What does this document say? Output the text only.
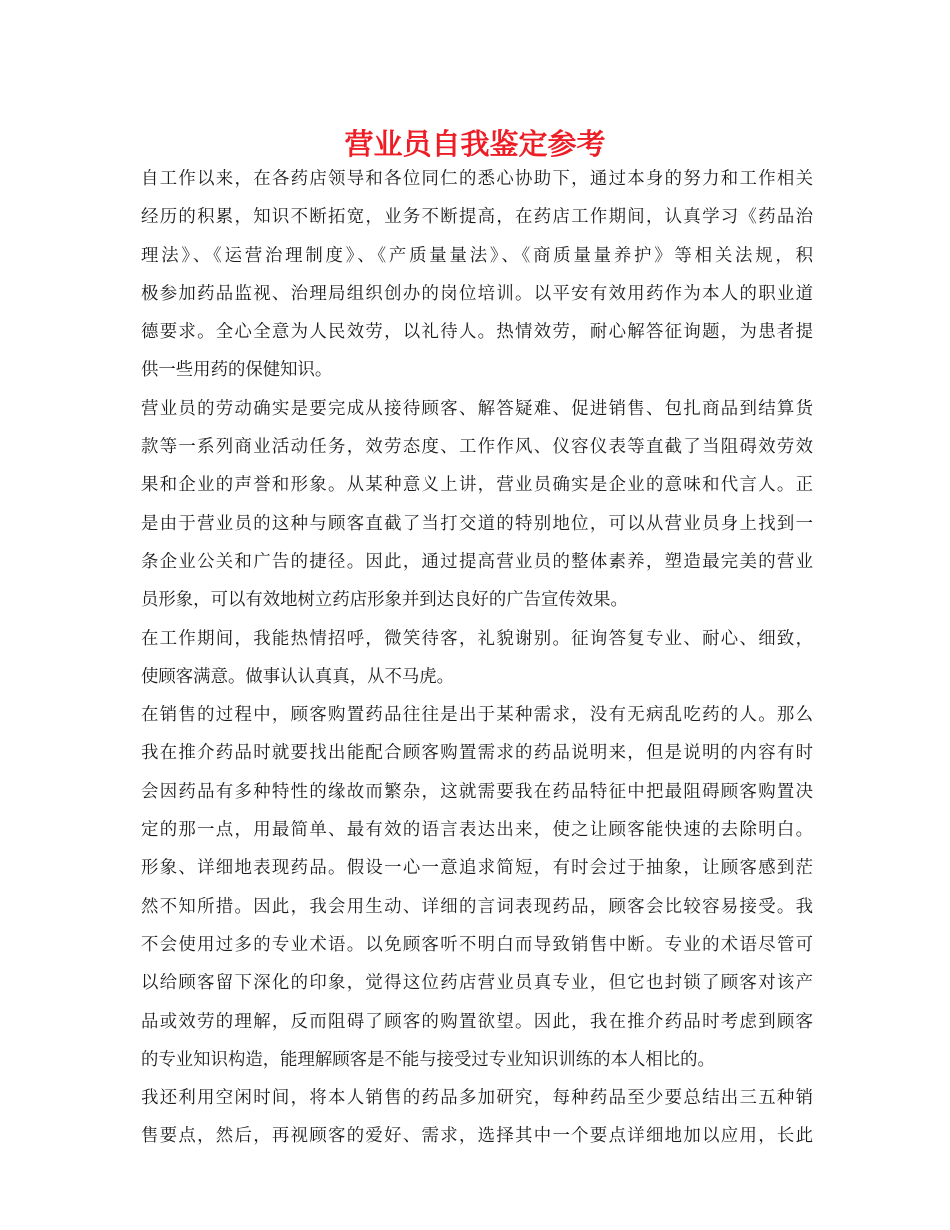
营业员自我鉴定参考

自工作以来，在各药店领导和各位同仁的悉心协助下，通过本身的努力和工作相关
经历的积累，知识不断拓宽，业务不断提高，在药店工作期间，认真学习《药品治
理法》、《运营治理制度》、《产质量量法》、《商质量量养护》等相关法规，积
极参加药品监视、治理局组织创办的岗位培训。以平安有效用药作为本人的职业道
德要求。全心全意为人民效劳，以礼待人。热情效劳，耐心解答征询题，为患者提
供一些用药的保健知识。

营业员的劳动确实是要完成从接待顾客、解答疑难、促进销售、包扎商品到结算货
款等一系列商业活动任务，效劳态度、工作作风、仪容仪表等直截了当阻碍效劳效
果和企业的声誉和形象。从某种意义上讲，营业员确实是企业的意味和代言人。正
是由于营业员的这种与顾客直截了当打交道的特别地位，可以从营业员身上找到一
条企业公关和广告的捷径。因此，通过提高营业员的整体素养，塑造最完美的营业
员形象，可以有效地树立药店形象并到达良好的广告宣传效果。

在工作期间，我能热情招呼，微笑待客，礼貌谢别。征询答复专业、耐心、细致，
使顾客满意。做事认认真真，从不马虎。

在销售的过程中，顾客购置药品往往是出于某种需求，没有无病乱吃药的人。那么
我在推介药品时就要找出能配合顾客购置需求的药品说明来，但是说明的内容有时
会因药品有多种特性的缘故而繁杂，这就需要我在药品特征中把最阻碍顾客购置决
定的那一点，用最简单、最有效的语言表达出来，使之让顾客能快速的去除明白。
形象、详细地表现药品。假设一心一意追求简短，有时会过于抽象，让顾客感到茫
然不知所措。因此，我会用生动、详细的言词表现药品，顾客会比较容易接受。我
不会使用过多的专业术语。以免顾客听不明白而导致销售中断。专业的术语尽管可
以给顾客留下深化的印象，觉得这位药店营业员真专业，但它也封锁了顾客对该产
品或效劳的理解，反而阻碍了顾客的购置欲望。因此，我在推介药品时考虑到顾客
的专业知识构造，能理解顾客是不能与接受过专业知识训练的本人相比的。

我还利用空闲时间，将本人销售的药品多加研究，每种药品至少要总结出三五种销
售要点，然后，再视顾客的爱好、需求，选择其中一个要点详细地加以应用，长此
